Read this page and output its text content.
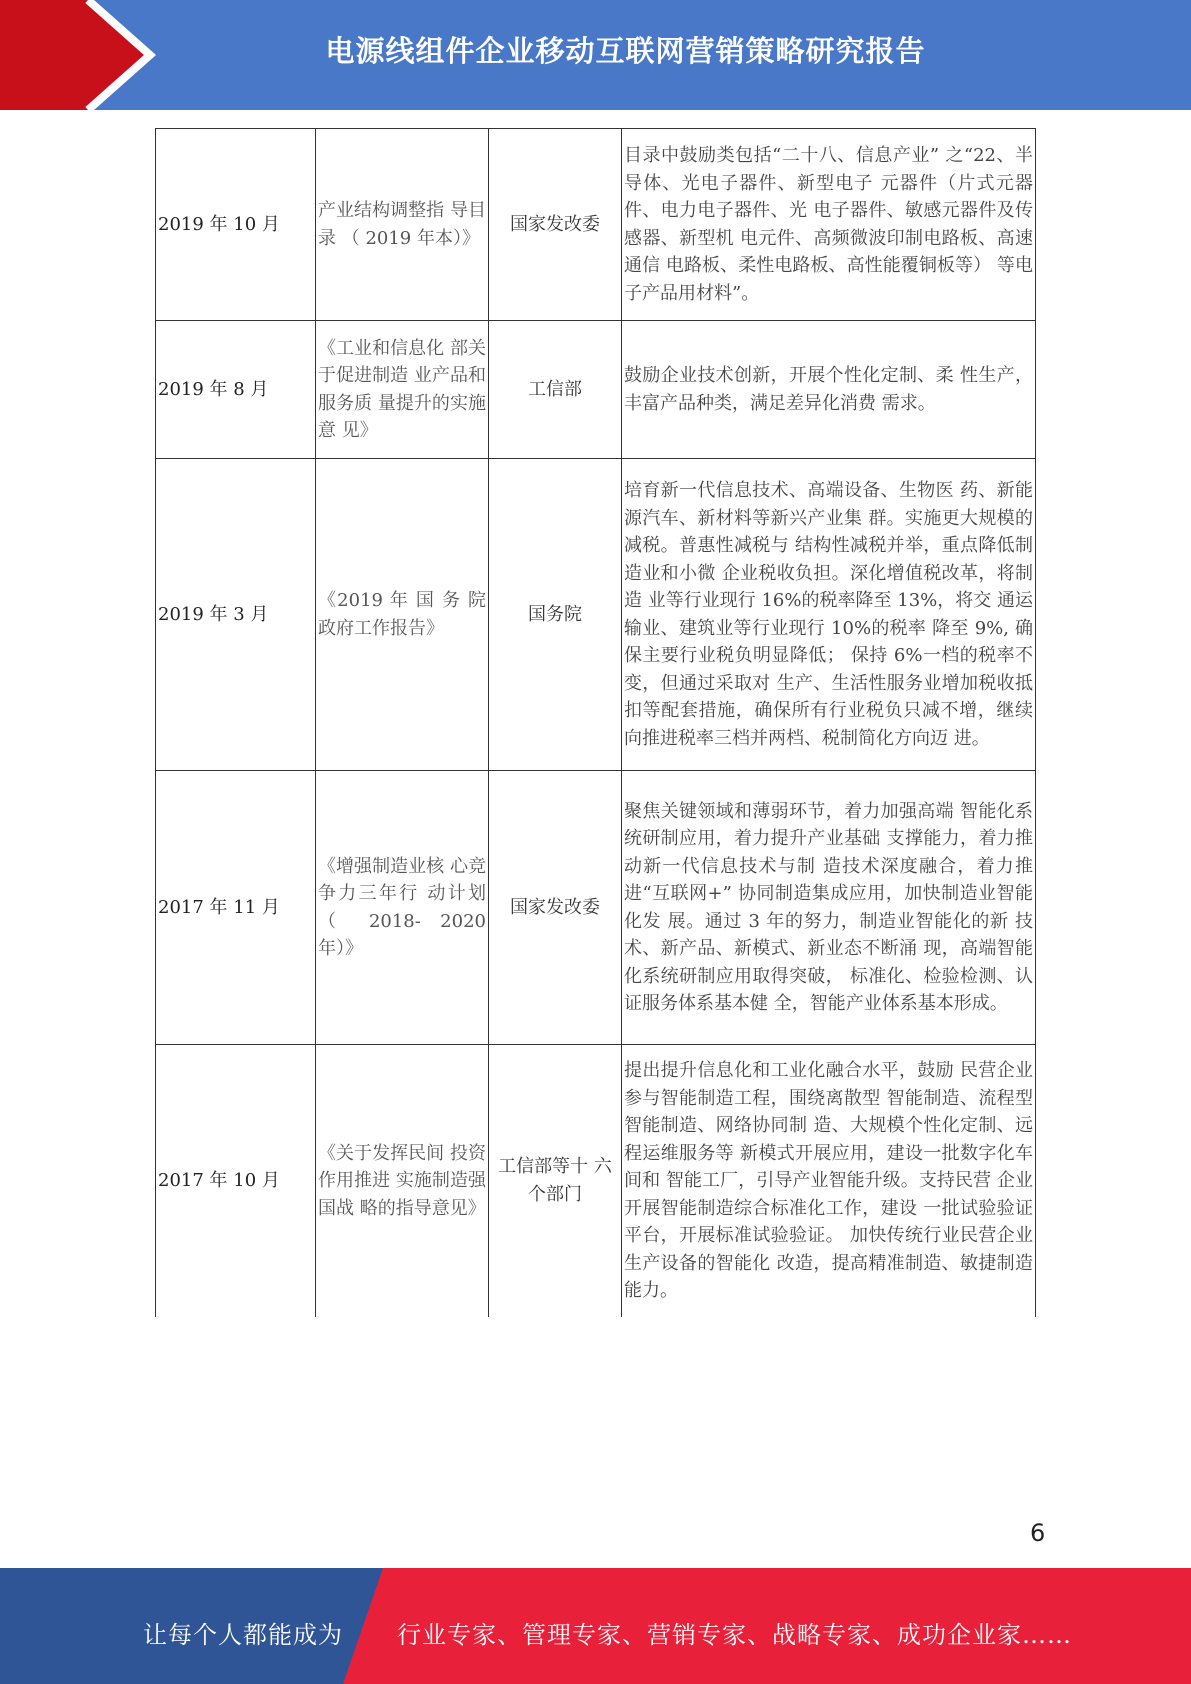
电源线组件企业移动互联网营销策略研究报告
2019 年 10 月	产业结构调整指 导目 录 （ 2019 年本）》	国家发改委	目录中鼓励类包括“二十八、信息产业” 之“22、半导体、光电子器件、新型电子 元器件（片式元器件、电力电子器件、光 电子器件、敏感元器件及传感器、新型机 电元件、高频微波印制电路板、高速通信 电路板、柔性电路板、高性能覆铜板等） 等电子产品用材料”。
2019 年 8 月	《工业和信息化 部关于促进制造 业产品和服务质 量提升的实施意 见》	工信部	鼓励企业技术创新，开展个性化定制、柔 性生产，丰富产品种类，满足差异化消费 需求。
2019 年 3 月	《2019 年 国 务 院政府工作报告》	国务院	培育新一代信息技术、高端设备、生物医 药、新能源汽车、新材料等新兴产业集 群。实施更大规模的减税。普惠性减税与 结构性减税并举，重点降低制造业和小微 企业税收负担。深化增值税改革，将制造 业等行业现行 16%的税率降至 13%，将交 通运输业、建筑业等行业现行 10%的税率 降至 9%, 确保主要行业税负明显降低； 保持 6%一档的税率不变，但通过采取对 生产、生活性服务业增加税收抵扣等配套措施，确保所有行业税负只减不增，继续 向推进税率三档并两档、税制简化方向迈 进。
2017 年 11 月	《增强制造业核 心竞争力三年行 动计划 （ 2018- 2020 年）》	国家发改委	聚焦关键领域和薄弱环节，着力加强高端 智能化系统研制应用，着力提升产业基础 支撑能力，着力推动新一代信息技术与制 造技术深度融合，着力推进“互联网+” 协同制造集成应用，加快制造业智能化发 展。通过 3 年的努力，制造业智能化的新 技术、新产品、新模式、新业态不断涌 现，高端智能化系统研制应用取得突破， 标准化、检验检测、认证服务体系基本健 全，智能产业体系基本形成。
2017 年 10 月	《关于发挥民间 投资作用推进 实施制造强国战 略的指导意见》	工信部等十 六个部门	提出提升信息化和工业化融合水平，鼓励 民营企业参与智能制造工程，围绕离散型 智能制造、流程型智能制造、网络协同制 造、大规模个性化定制、远程运维服务等 新模式开展应用，建设一批数字化车间和 智能工厂，引导产业智能升级。支持民营 企业开展智能制造综合标准化工作，建设 一批试验验证平台，开展标准试验验证。 加快传统行业民营企业生产设备的智能化 改造，提高精准制造、敏捷制造能力。
6
让每个人都能成为 行业专家、管理专家、营销专家、战略专家、成功企业家……
